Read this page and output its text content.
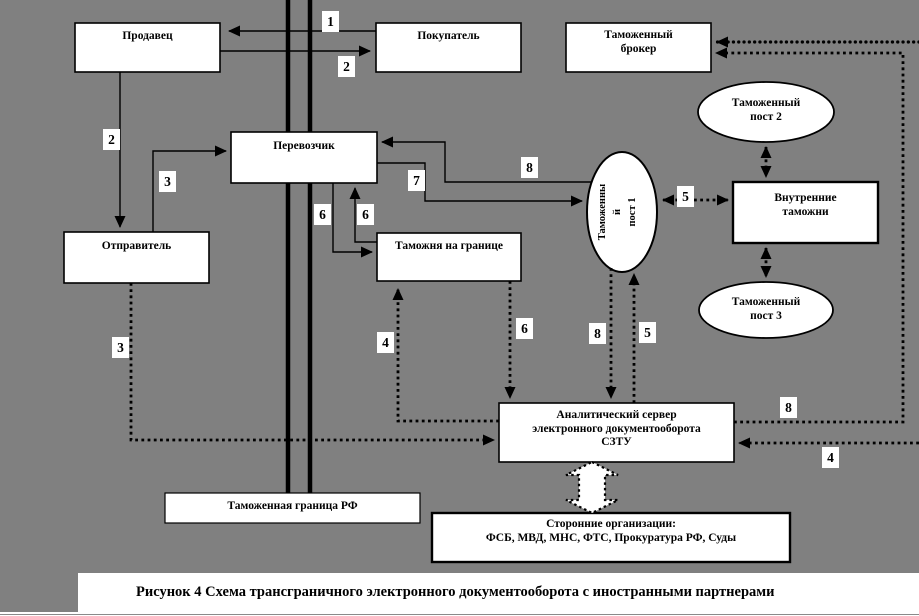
Продавец	Покупатель	Таможенный
брокер
Перевозчик
Отправитель	Таможня на границе
Внутренние
таможни
Таможенный
пост 2
Таможенный
пост 3
Таможенны й пост 1
Аналитический сервер
электронного документооборота
СЗТУ
Таможенная граница РФ
Сторонние организации:
ФСБ, МВД, МНС, ФТС, Прокуратура РФ, Суды
1
2
2
3
3	4
4
5
5
6	6
6
7
8
8
8
Рисунок 4 Схема трансграничного электронного документооборота с иностранными партнерами
